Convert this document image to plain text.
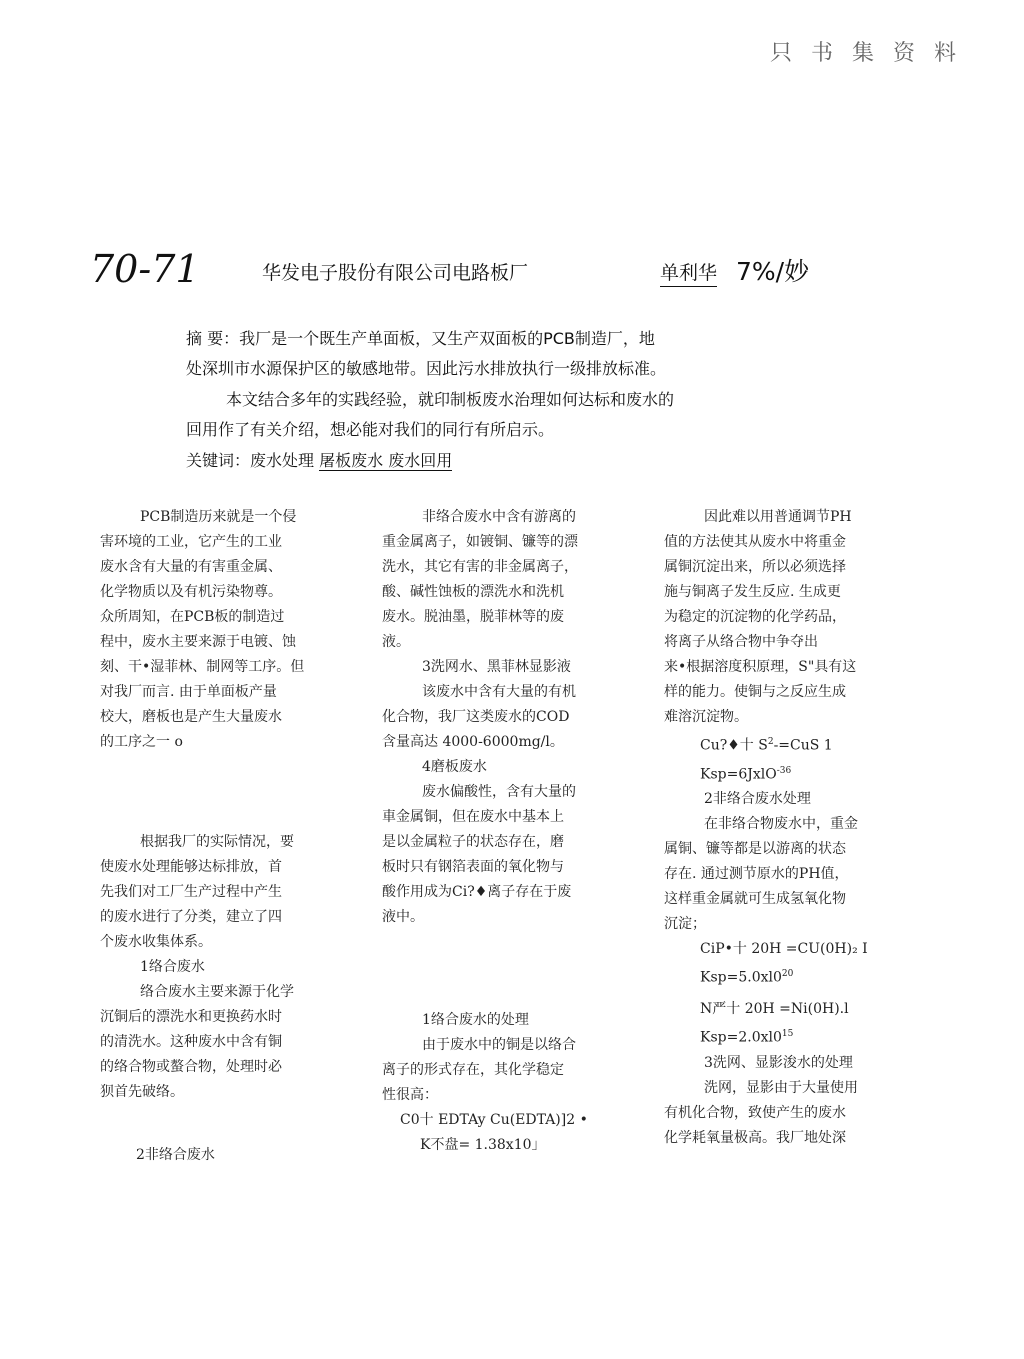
只 书 集 资 料
70-71	华发电子股份有限公司电路板厂	单利华 7%/妙
摘 要：我厂是一个既生产单面板，又生产双面板的PCB制造厂，地
处深圳市水源保护区的敏感地带。因此污水排放执行一级排放标准。
本文结合多年的实践经验，就印制板废水治理如何达标和废水的
回用作了有关介绍，想必能对我们的同行有所启示。
关键词：废水处理 屠板废水 废水回用

PCB制造历来就是一个侵

害环境的工业，它产生的工业

废水含有大量的有害重金属、

化学物质以及有机污染物尊。

众所周知，在PCB板的制造过

程中，废水主要来源于电镀、蚀

刻、干•湿菲林、制网等工序。但

对我厂而言. 由于单面板产量

校大，磨板也是产生大量废水

的工序之一 o

根据我厂的实际情况，要

使废水处理能够达标排放，首

先我们对工厂生产过程中产生

的废水进行了分类，建立了四

个废水收集体系。

1络合废水

络合废水主要来源于化学

沉铜后的漂洗水和更换药水时

的清洗水。这种废水中含有铜

的络合物或螯合物，处理时必

狈首先破络。

2非络合废水

非络合废水中含有游离的

重金属离子，如镀铜、镰等的漂

洗水，其它有害的非金属离子，

酸、碱性蚀板的漂洗水和洗机

废水。脱油墨，脱菲林等的废

液。

3洗网水、黑菲林显影液

该废水中含有大量的有机

化合物，我厂这类废水的COD

含量高达 4000-6000mg/l。

4磨板废水

废水偏酸性，含有大量的

車金属铜，但在废水中基本上

是以金属粒子的状态存在，磨

板时只有钢箔表面的氧化物与

酸作用成为Ci?♦离子存在于废

液中。

1络合废水的处理

由于废水中的铜是以络合

离子的形式存在，其化学稳定

性很高：

C0十 EDTAy Cu(EDTA)]2 •

K不盘= 1.38x10」

因此难以用普通调节PH

值的方法使其从废水中将重金

属铜沉淀出来，所以必须选择

施与铜离子发生反应. 生成更

为稳定的沉淀物的化学药品，

将离子从络合物中争夺出

来•根据溶度积原理，S"具有这

样的能力。使铜与之反应生成

难溶沉淀物。

Cu?♦十 $S^2-=CuS$ 1

Ksp=6JxlO$^{-36}$

2非络合废水处理

在非络合物废水中，重金

属铜、镰等都是以游离的状态

存在. 通过测节原水的PH值，

这样重金属就可生成氢氧化物

沉淀；

CiP•十 20H =CU(0H)₂ I

$Ksp=5.0xl0^{20}$

N严十 20H =Ni(0H).l

$Ksp=2.0xl0^{15}$

3洗网、显影浚水的处理

洗网，显影由于大量使用

有机化合物，致使产生的废水

化学耗氧量极高。我厂地处深
